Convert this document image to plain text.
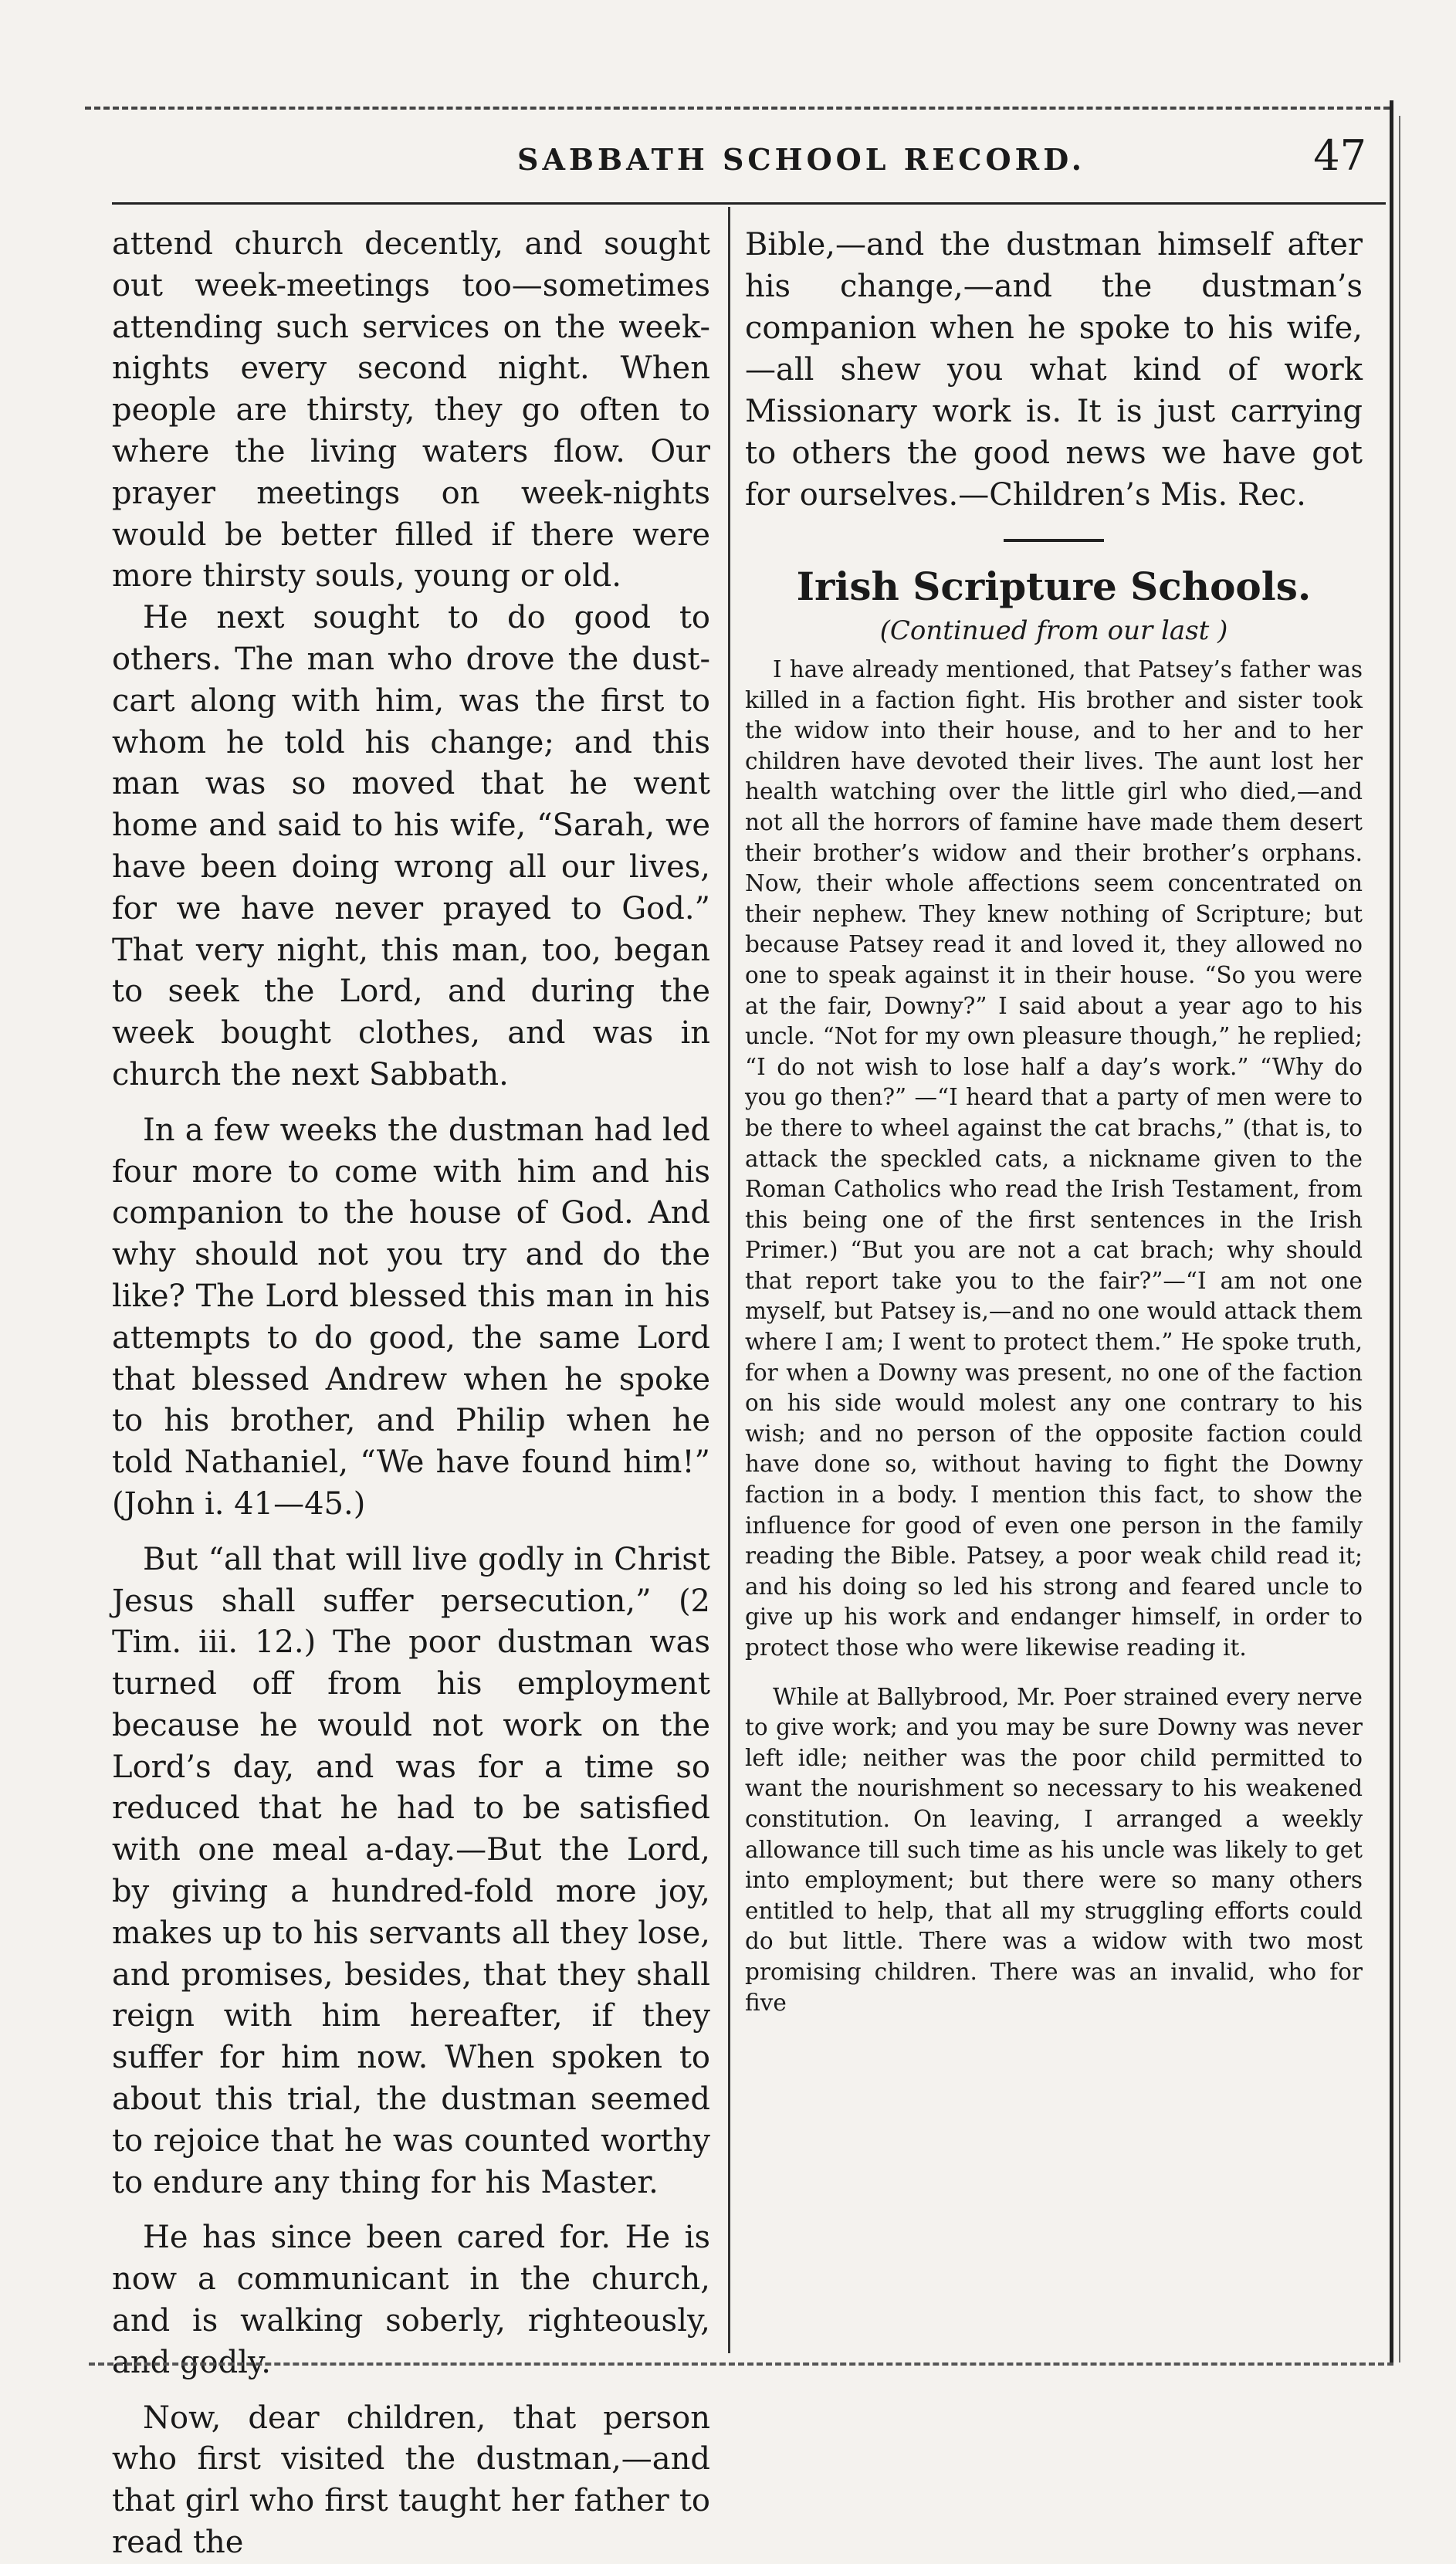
SABBATH SCHOOL RECORD.	47

attend church decently, and sought out week-meetings too—sometimes attending such services on the week-nights every second night. When people are thirsty, they go often to where the living waters flow. Our prayer meetings on week-nights would be better filled if there were more thirsty souls, young or old.

He next sought to do good to others. The man who drove the dust-cart along with him, was the first to whom he told his change; and this man was so moved that he went home and said to his wife, “Sarah, we have been doing wrong all our lives, for we have never prayed to God.” That very night, this man, too, began to seek the Lord, and during the week bought clothes, and was in church the next Sabbath.

In a few weeks the dustman had led four more to come with him and his companion to the house of God. And why should not you try and do the like? The Lord blessed this man in his attempts to do good, the same Lord that blessed Andrew when he spoke to his brother, and Philip when he told Nathaniel, “We have found him!” (John i. 41—45.)

But “all that will live godly in Christ Jesus shall suffer persecution,” (2 Tim. iii. 12.) The poor dustman was turned off from his employment because he would not work on the Lord’s day, and was for a time so reduced that he had to be satisfied with one meal a-day.—But the Lord, by giving a hundred-fold more joy, makes up to his servants all they lose, and promises, besides, that they shall reign with him hereafter, if they suffer for him now. When spoken to about this trial, the dustman seemed to rejoice that he was counted worthy to endure any thing for his Master.

He has since been cared for. He is now a communicant in the church, and is walking soberly, righteously, and godly.

Now, dear children, that person who first visited the dustman,—and that girl who first taught her father to read the

Bible,—and the dustman himself after his change,—and the dustman’s companion when he spoke to his wife,—all shew you what kind of work Missionary work is. It is just carrying to others the good news we have got for ourselves.—Children’s Mis. Rec.

Irish Scripture Schools.
(Continued from our last )

I have already mentioned, that Patsey’s father was killed in a faction fight. His brother and sister took the widow into their house, and to her and to her children have devoted their lives. The aunt lost her health watching over the little girl who died,—and not all the horrors of famine have made them desert their brother’s widow and their brother’s orphans. Now, their whole affections seem concentrated on their nephew. They knew nothing of Scripture; but because Patsey read it and loved it, they allowed no one to speak against it in their house. “So you were at the fair, Downy?” I said about a year ago to his uncle. “Not for my own pleasure though,” he replied; “I do not wish to lose half a day’s work.” “Why do you go then?” —“I heard that a party of men were to be there to wheel against the cat brachs,” (that is, to attack the speckled cats, a nickname given to the Roman Catholics who read the Irish Testament, from this being one of the first sentences in the Irish Primer.) “But you are not a cat brach; why should that report take you to the fair?”—“I am not one myself, but Patsey is,—and no one would attack them where I am; I went to protect them.” He spoke truth, for when a Downy was present, no one of the faction on his side would molest any one contrary to his wish; and no person of the opposite faction could have done so, without having to fight the Downy faction in a body. I mention this fact, to show the influence for good of even one person in the family reading the Bible. Patsey, a poor weak child read it; and his doing so led his strong and feared uncle to give up his work and endanger himself, in order to protect those who were likewise reading it.

While at Ballybrood, Mr. Poer strained every nerve to give work; and you may be sure Downy was never left idle; neither was the poor child permitted to want the nourishment so necessary to his weakened constitution. On leaving, I arranged a weekly allowance till such time as his uncle was likely to get into employment; but there were so many others entitled to help, that all my struggling efforts could do but little. There was a widow with two most promising children. There was an invalid, who for five
